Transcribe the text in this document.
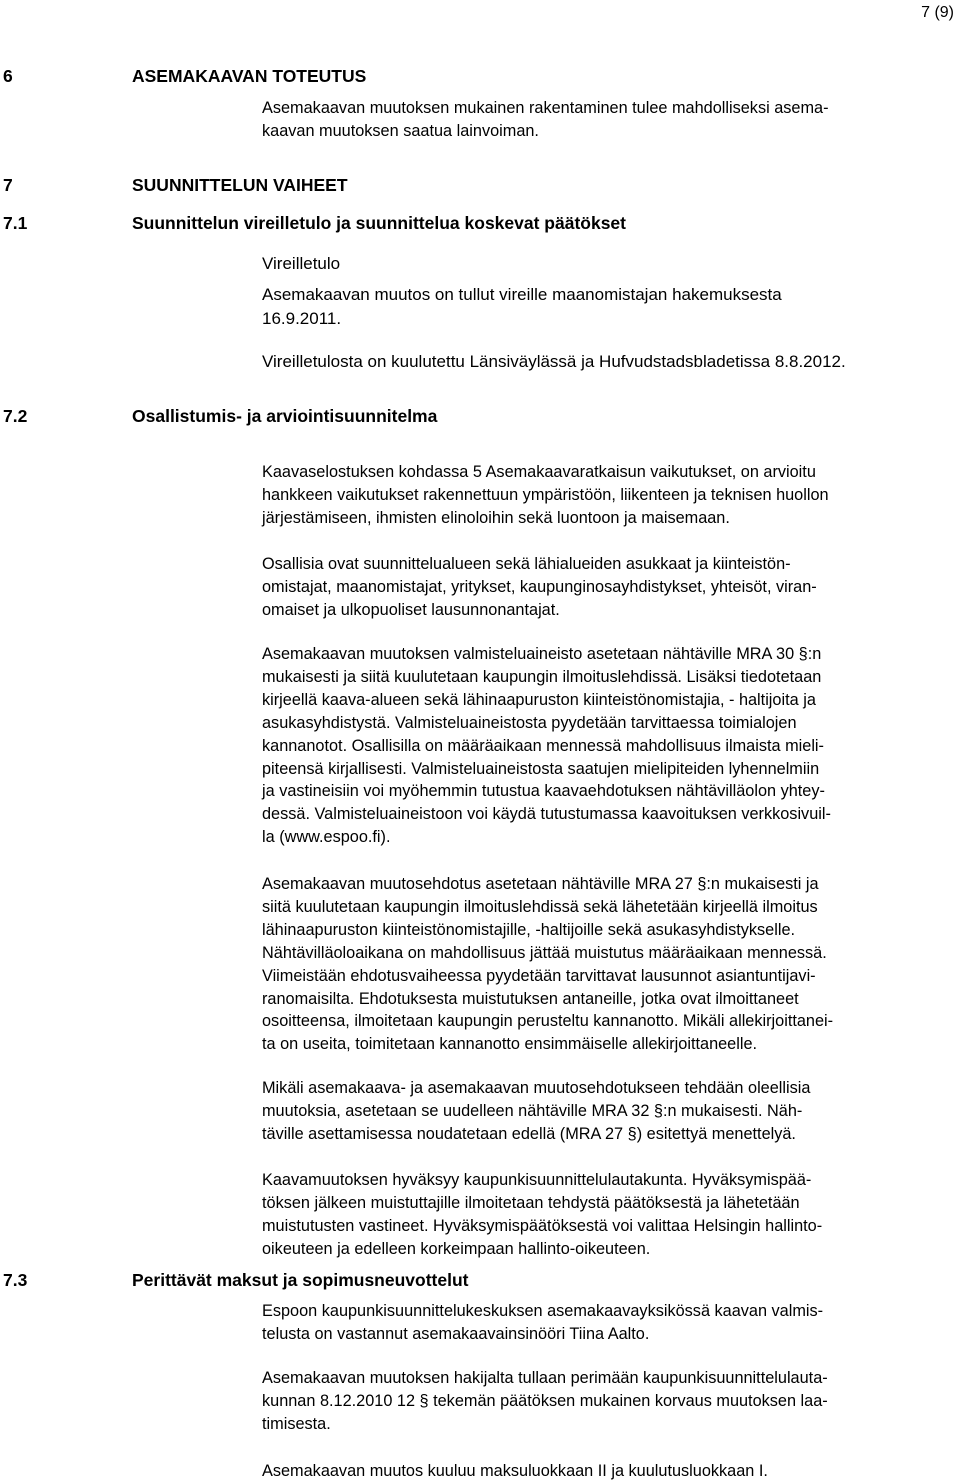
7 (9)
6	ASEMAKAAVAN TOTEUTUS
Asemakaavan muutoksen mukainen rakentaminen tulee mahdolliseksi asema-
kaavan muutoksen saatua lainvoiman.
7	SUUNNITTELUN VAIHEET
7.1	Suunnittelun vireilletulo ja suunnittelua koskevat päätökset
Vireilletulo
Asemakaavan muutos on tullut vireille maanomistajan hakemuksesta
16.9.2011.
Vireilletulosta on kuulutettu Länsiväylässä ja Hufvudstadsbladetissa 8.8.2012.
7.2	Osallistumis- ja arviointisuunnitelma
Kaavaselostuksen kohdassa 5 Asemakaavaratkaisun vaikutukset, on arvioitu
hankkeen vaikutukset rakennettuun ympäristöön, liikenteen ja teknisen huollon
järjestämiseen, ihmisten elinoloihin sekä luontoon ja maisemaan.
Osallisia ovat suunnittelualueen sekä lähialueiden asukkaat ja kiinteistön-
omistajat, maanomistajat, yritykset, kaupunginosayhdistykset, yhteisöt, viran-
omaiset ja ulkopuoliset lausunnonantajat.
Asemakaavan muutoksen valmisteluaineisto asetetaan nähtäville MRA 30 §:n
mukaisesti ja siitä kuulutetaan kaupungin ilmoituslehdissä. Lisäksi tiedotetaan
kirjeellä kaava-alueen sekä lähinaapuruston kiinteistönomistajia, - haltijoita ja
asukasyhdistystä. Valmisteluaineistosta pyydetään tarvittaessa toimialojen
kannanotot. Osallisilla on määräaikaan mennessä mahdollisuus ilmaista mieli-
piteensä kirjallisesti. Valmisteluaineistosta saatujen mielipiteiden lyhennelmiin
ja vastineisiin voi myöhemmin tutustua kaavaehdotuksen nähtävilläolon yhtey-
dessä. Valmisteluaineistoon voi käydä tutustumassa kaavoituksen verkkosivuil-
la (www.espoo.fi).
Asemakaavan muutosehdotus asetetaan nähtäville MRA 27 §:n mukaisesti ja
siitä kuulutetaan kaupungin ilmoituslehdissä sekä lähetetään kirjeellä ilmoitus
lähinaapuruston kiinteistönomistajille, -haltijoille sekä asukasyhdistykselle.
Nähtävilläoloaikana on mahdollisuus jättää muistutus määräaikaan mennessä.
Viimeistään ehdotusvaiheessa pyydetään tarvittavat lausunnot asiantuntijavi-
ranomaisilta. Ehdotuksesta muistutuksen antaneille, jotka ovat ilmoittaneet
osoitteensa, ilmoitetaan kaupungin perusteltu kannanotto. Mikäli allekirjoittanei-
ta on useita, toimitetaan kannanotto ensimmäiselle allekirjoittaneelle.
Mikäli asemakaava- ja asemakaavan muutosehdotukseen tehdään oleellisia
muutoksia, asetetaan se uudelleen nähtäville MRA 32 §:n mukaisesti. Näh-
täville asettamisessa noudatetaan edellä (MRA 27 §) esitettyä menettelyä.
Kaavamuutoksen hyväksyy kaupunkisuunnittelulautakunta. Hyväksymispää-
töksen jälkeen muistuttajille ilmoitetaan tehdystä päätöksestä ja lähetetään
muistutusten vastineet. Hyväksymispäätöksestä voi valittaa Helsingin hallinto-
oikeuteen ja edelleen korkeimpaan hallinto-oikeuteen.
7.3	Perittävät maksut ja sopimusneuvottelut
Espoon kaupunkisuunnittelukeskuksen asemakaavayksikössä kaavan valmis-
telusta on vastannut asemakaavainsinööri Tiina Aalto.
Asemakaavan muutoksen hakijalta tullaan perimään kaupunkisuunnittelulauta-
kunnan 8.12.2010 12 § tekemän päätöksen mukainen korvaus muutoksen laa-
timisesta.
Asemakaavan muutos kuuluu maksuluokkaan II ja kuulutusluokkaan I.
